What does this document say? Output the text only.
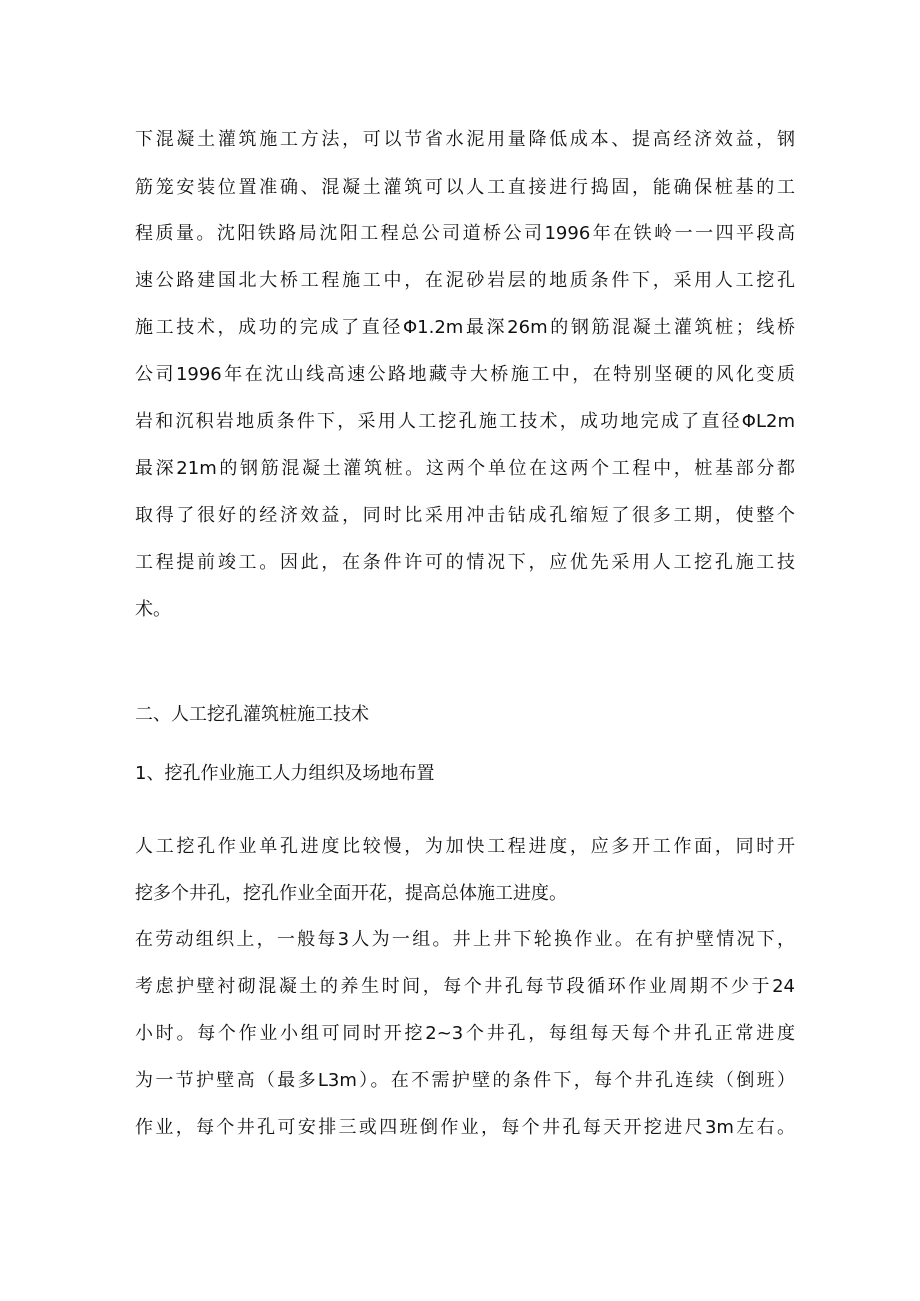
下混凝土灌筑施工方法，可以节省水泥用量降低成本、提高经济效益，钢
筋笼安装位置准确、混凝土灌筑可以人工直接进行捣固，能确保桩基的工
程质量。沈阳铁路局沈阳工程总公司道桥公司1996年在铁岭一一四平段高
速公路建国北大桥工程施工中，在泥砂岩层的地质条件下，采用人工挖孔
施工技术，成功的完成了直径Φ1.2m最深26m的钢筋混凝土灌筑桩；线桥
公司1996年在沈山线高速公路地藏寺大桥施工中，在特别坚硬的风化变质
岩和沉积岩地质条件下，采用人工挖孔施工技术，成功地完成了直径ΦL2m
最深21m的钢筋混凝土灌筑桩。这两个单位在这两个工程中，桩基部分都
取得了很好的经济效益，同时比采用冲击钻成孔缩短了很多工期，使整个
工程提前竣工。因此，在条件许可的情况下，应优先采用人工挖孔施工技
术。
二、人工挖孔灌筑桩施工技术
1、挖孔作业施工人力组织及场地布置
人工挖孔作业单孔进度比较慢，为加快工程进度，应多开工作面，同时开
挖多个井孔，挖孔作业全面开花，提高总体施工进度。
在劳动组织上，一般每3人为一组。井上井下轮换作业。在有护壁情况下，
考虑护壁衬砌混凝土的养生时间，每个井孔每节段循环作业周期不少于24
小时。每个作业小组可同时开挖2~3个井孔，每组每天每个井孔正常进度
为一节护壁高（最多L3m）。在不需护壁的条件下，每个井孔连续（倒班）
作业，每个井孔可安排三或四班倒作业，每个井孔每天开挖进尺3m左右。
